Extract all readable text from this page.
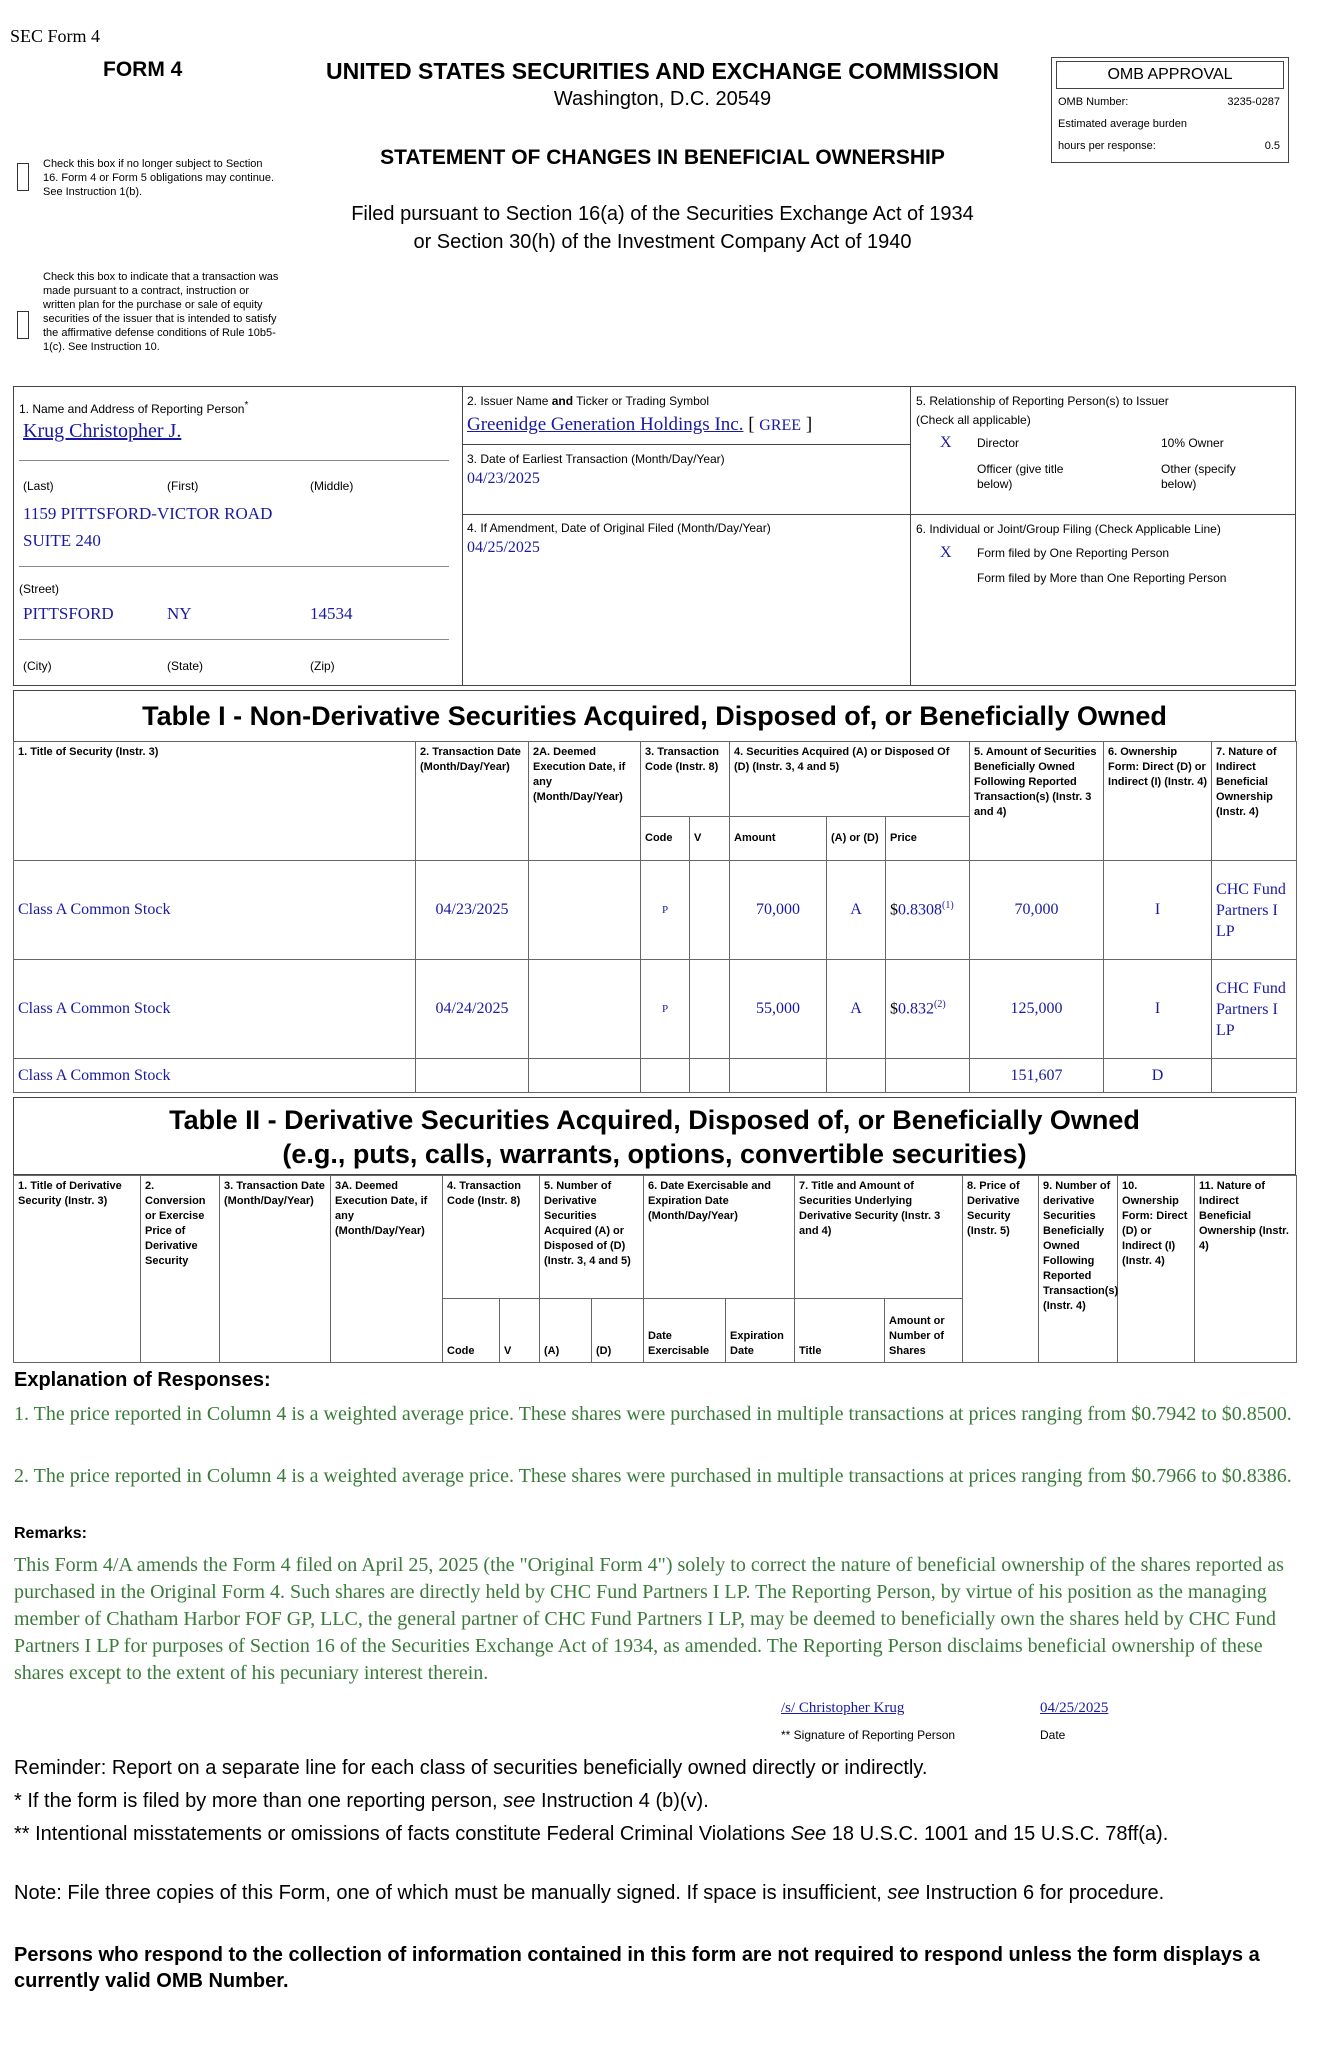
SEC Form 4
FORM 4	UNITED STATES SECURITIES AND EXCHANGE COMMISSION
Washington, D.C. 20549
STATEMENT OF CHANGES IN BENEFICIAL OWNERSHIP
Filed pursuant to Section 16(a) of the Securities Exchange Act of 1934
or Section 30(h) of the Investment Company Act of 1940
Check this box if no longer subject to Section 16. Form 4 or Form 5 obligations may continue. See Instruction 1(b).
Check this box to indicate that a transaction was made pursuant to a contract, instruction or written plan for the purchase or sale of equity securities of the issuer that is intended to satisfy the affirmative defense conditions of Rule 10b5-1(c). See Instruction 10.
OMB APPROVAL
OMB Number:	3235-0287
Estimated average burden
hours per response:	0.5
1. Name and Address of Reporting Person*
Krug Christopher J.
(Last)	(First)	(Middle)
1159 PITTSFORD-VICTOR ROAD
SUITE 240
(Street)
PITTSFORD	NY	14534
(City)	(State)	(Zip)
2. Issuer Name and Ticker or Trading Symbol
Greenidge Generation Holdings Inc. [ GREE ]
3. Date of Earliest Transaction (Month/Day/Year)
04/23/2025
4. If Amendment, Date of Original Filed (Month/Day/Year)
04/25/2025
5. Relationship of Reporting Person(s) to Issuer
(Check all applicable)
X Director	10% Owner
Officer (give title below)
Other (specify below)
6. Individual or Joint/Group Filing (Check Applicable Line)
X Form filed by One Reporting Person
Form filed by More than One Reporting Person
Table I - Non-Derivative Securities Acquired, Disposed of, or Beneficially Owned
1. Title of Security (Instr. 3)	2. Transaction Date (Month/Day/Year)	2A. Deemed Execution Date, if any (Month/Day/Year)	3. Transaction Code (Instr. 8)		4. Securities Acquired (A) or Disposed Of (D) (Instr. 3, 4 and 5)			5. Amount of Securities Beneficially Owned Following Reported Transaction(s) (Instr. 3 and 4)	6. Ownership Form: Direct (D) or Indirect (I) (Instr. 4)	7. Nature of Indirect Beneficial Ownership (Instr. 4)
			Code	V	Amount	(A) or (D)	Price			
Class A Common Stock	04/23/2025		P		70,000	A	$0.8308$^{(1)}$	70,000	I	CHC Fund Partners I LP
Class A Common Stock	04/24/2025		P		55,000	A	$0.832$^{(2)}$	125,000	I	CHC Fund Partners I LP
Class A Common Stock								151,607	D	
Table II - Derivative Securities Acquired, Disposed of, or Beneficially Owned
(e.g., puts, calls, warrants, options, convertible securities)
1. Title of Derivative Security (Instr. 3)	2. Conversion or Exercise Price of Derivative Security	3. Transaction Date (Month/Day/Year)	3A. Deemed Execution Date, if any (Month/Day/Year)	4. Transaction Code (Instr. 8)		5. Number of Derivative Securities Acquired (A) or Disposed of (D) (Instr. 3, 4 and 5)		6. Date Exercisable and Expiration Date (Month/Day/Year)		7. Title and Amount of Securities Underlying Derivative Security (Instr. 3 and 4)		8. Price of Derivative Security (Instr. 5)	9. Number of derivative Securities Beneficially Owned Following Reported Transaction(s) (Instr. 4)	10. Ownership Form: Direct (D) or Indirect (I) (Instr. 4)	11. Nature of Indirect Beneficial Ownership (Instr. 4)
				Code	V	(A)	(D)	Date Exercisable	Expiration Date	Title	Amount or Number of Shares				
Explanation of Responses:
1. The price reported in Column 4 is a weighted average price. These shares were purchased in multiple transactions at prices ranging from $0.7942 to $0.8500.
2. The price reported in Column 4 is a weighted average price. These shares were purchased in multiple transactions at prices ranging from $0.7966 to $0.8386.
Remarks:
This Form 4/A amends the Form 4 filed on April 25, 2025 (the "Original Form 4") solely to correct the nature of beneficial ownership of the shares reported as purchased in the Original Form 4. Such shares are directly held by CHC Fund Partners I LP. The Reporting Person, by virtue of his position as the managing member of Chatham Harbor FOF GP, LLC, the general partner of CHC Fund Partners I LP, may be deemed to beneficially own the shares held by CHC Fund Partners I LP for purposes of Section 16 of the Securities Exchange Act of 1934, as amended. The Reporting Person disclaims beneficial ownership of these shares except to the extent of his pecuniary interest therein.
/s/ Christopher Krug	04/25/2025
** Signature of Reporting Person	Date
Reminder: Report on a separate line for each class of securities beneficially owned directly or indirectly.
* If the form is filed by more than one reporting person, see Instruction 4 (b)(v).
** Intentional misstatements or omissions of facts constitute Federal Criminal Violations See 18 U.S.C. 1001 and 15 U.S.C. 78ff(a).
Note: File three copies of this Form, one of which must be manually signed. If space is insufficient, see Instruction 6 for procedure.
Persons who respond to the collection of information contained in this form are not required to respond unless the form displays a currently valid OMB Number.
